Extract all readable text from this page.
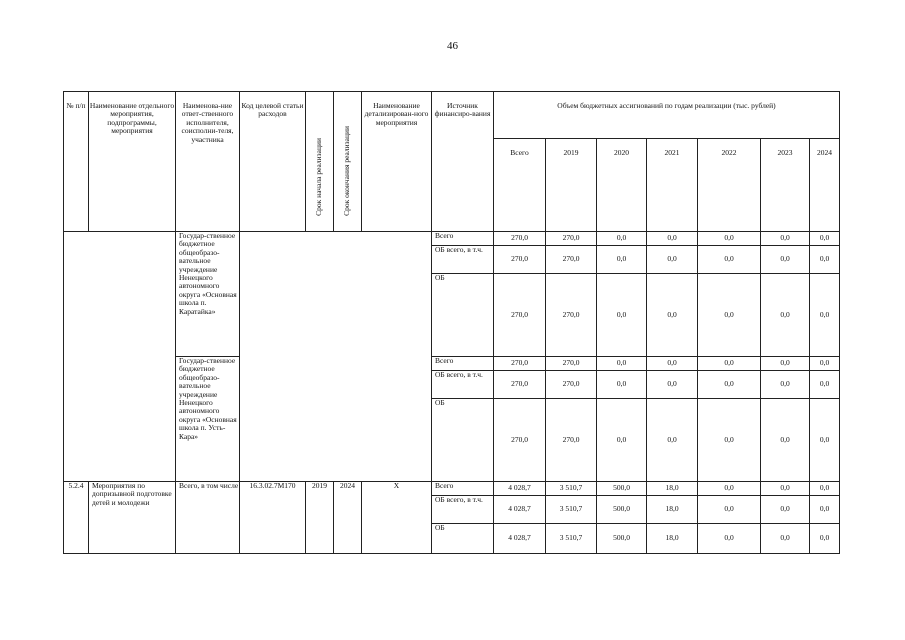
46
№ п/п	Наименование отдельного мероприятия, подпрограммы, мероприятия	Наименова-ние ответ-ственного исполнителя, соисполни-теля, участника	Код целевой статьи расходов	Срок начала реализации	Срок окончания реализации	Наименование детализирован-ного мероприятия	Источник финансиро-вания	Объем бюджетных ассигнований по годам реализации (тыс. рублей)						
								Всего	2019	2020	2021	2022	2023	2024
		Государ-ственное бюджетное общеобразо-вательное учреждение Ненецкого автономного округа «Основная школа п. Каратайка»					Всего	270,0	270,0	0,0	0,0	0,0	0,0	0,0
							ОБ всего, в т.ч.	270,0	270,0	0,0	0,0	0,0	0,0	0,0
							ОБ	270,0	270,0	0,0	0,0	0,0	0,0	0,0
		Государ-ственное бюджетное общеобразо-вательное учреждение Ненецкого автономного округа «Основная школа п. Усть-Кара»					Всего	270,0	270,0	0,0	0,0	0,0	0,0	0,0
							ОБ всего, в т.ч.	270,0	270,0	0,0	0,0	0,0	0,0	0,0
							ОБ	270,0	270,0	0,0	0,0	0,0	0,0	0,0
5.2.4	Мероприятия по допризывной подготовке детей и молодежи	Всего, в том числе	16.3.02.7М170	2019	2024	Х	Всего	4 028,7	3 510,7	500,0	18,0	0,0	0,0	0,0
							ОБ всего, в т.ч.	4 028,7	3 510,7	500,0	18,0	0,0	0,0	0,0
							ОБ	4 028,7	3 510,7	500,0	18,0	0,0	0,0	0,0
